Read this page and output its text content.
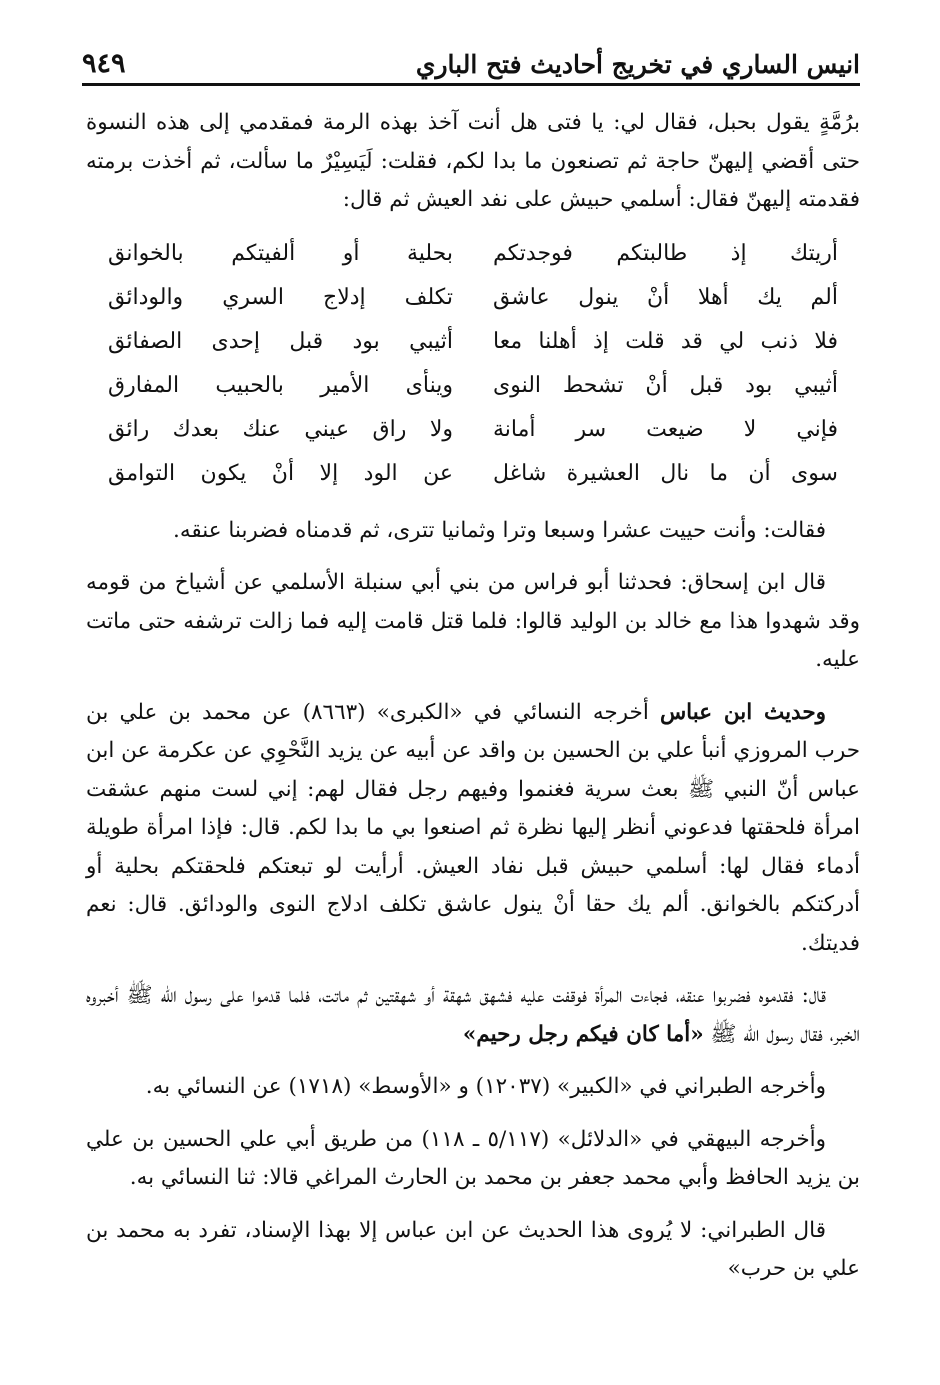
انيس الساري في تخريج أحاديث فتح الباري
٩٤٩

برُمَّةٍ يقول بحبل، فقال لي: يا فتى هل أنت آخذ بهذه الرمة فمقدمي إلى هذه النسوة حتى أقضي إليهنّ حاجة ثم تصنعون ما بدا لكم، فقلت: لَيَسِيْرٌ ما سألت، ثم أخذت برمته فقدمته إليهنّ فقال: أسلمي حبيش على نفد العيش ثم قال:

أريتك إذ طالبتكم فوجدتكم
بحلية أو ألفيتكم بالخوانق
ألم يك أهلا أنْ ينول عاشق
تكلف إدلاج السري والودائق
فلا ذنب لي قد قلت إذ أهلنا معا
أثيبي بود قبل إحدى الصفائق
أثيبي بود قبل أنْ تشحط النوى
وينأى الأمير بالحبيب المفارق
فإني لا ضيعت سر أمانة
ولا راق عيني عنك بعدك رائق
سوى أن ما نال العشيرة شاغل
عن الود إلا أنْ يكون التوامق

فقالت: وأنت حييت عشرا وسبعا وترا وثمانيا تترى، ثم قدمناه فضربنا عنقه.

قال ابن إسحاق: فحدثنا أبو فراس من بني أبي سنبلة الأسلمي عن أشياخ من قومه وقد شهدوا هذا مع خالد بن الوليد قالوا: فلما قتل قامت إليه فما زالت ترشفه حتى ماتت عليه.

وحديث ابن عباس أخرجه النسائي في «الكبرى» (٨٦٦٣) عن محمد بن علي بن حرب المروزي أنبأ علي بن الحسين بن واقد عن أبيه عن يزيد النَّحْوِي عن عكرمة عن ابن عباس أنّ النبي ﷺ بعث سرية فغنموا وفيهم رجل فقال لهم: إني لست منهم عشقت امرأة فلحقتها فدعوني أنظر إليها نظرة ثم اصنعوا بي ما بدا لكم. قال: فإذا امرأة طويلة أدماء فقال لها: أسلمي حبيش قبل نفاد العيش. أرأيت لو تبعتكم فلحقتكم بحلية أو أدركتكم بالخوانق. ألم يك حقا أنْ ينول عاشق تكلف ادلاج النوى والودائق. قال: نعم فديتك.

قال: فقدموه فضربوا عنقه، فجاءت المرأة فوقفت عليه فشهق شهقة أو شهقتين ثم ماتت، فلما قدموا على رسول الله ﷺ أخبروه الخبر، فقال رسول الله ﷺ «أما كان فيكم رجل رحيم»

وأخرجه الطبراني في «الكبير» (١٢٠٣٧) و «الأوسط» (١٧١٨) عن النسائي به.

وأخرجه البيهقي في «الدلائل» (٥/١١٧ ـ ١١٨) من طريق أبي علي الحسين بن علي بن يزيد الحافظ وأبي محمد جعفر بن محمد بن الحارث المراغي قالا: ثنا النسائي به.

قال الطبراني: لا يُروى هذا الحديث عن ابن عباس إلا بهذا الإسناد، تفرد به محمد بن علي بن حرب»
